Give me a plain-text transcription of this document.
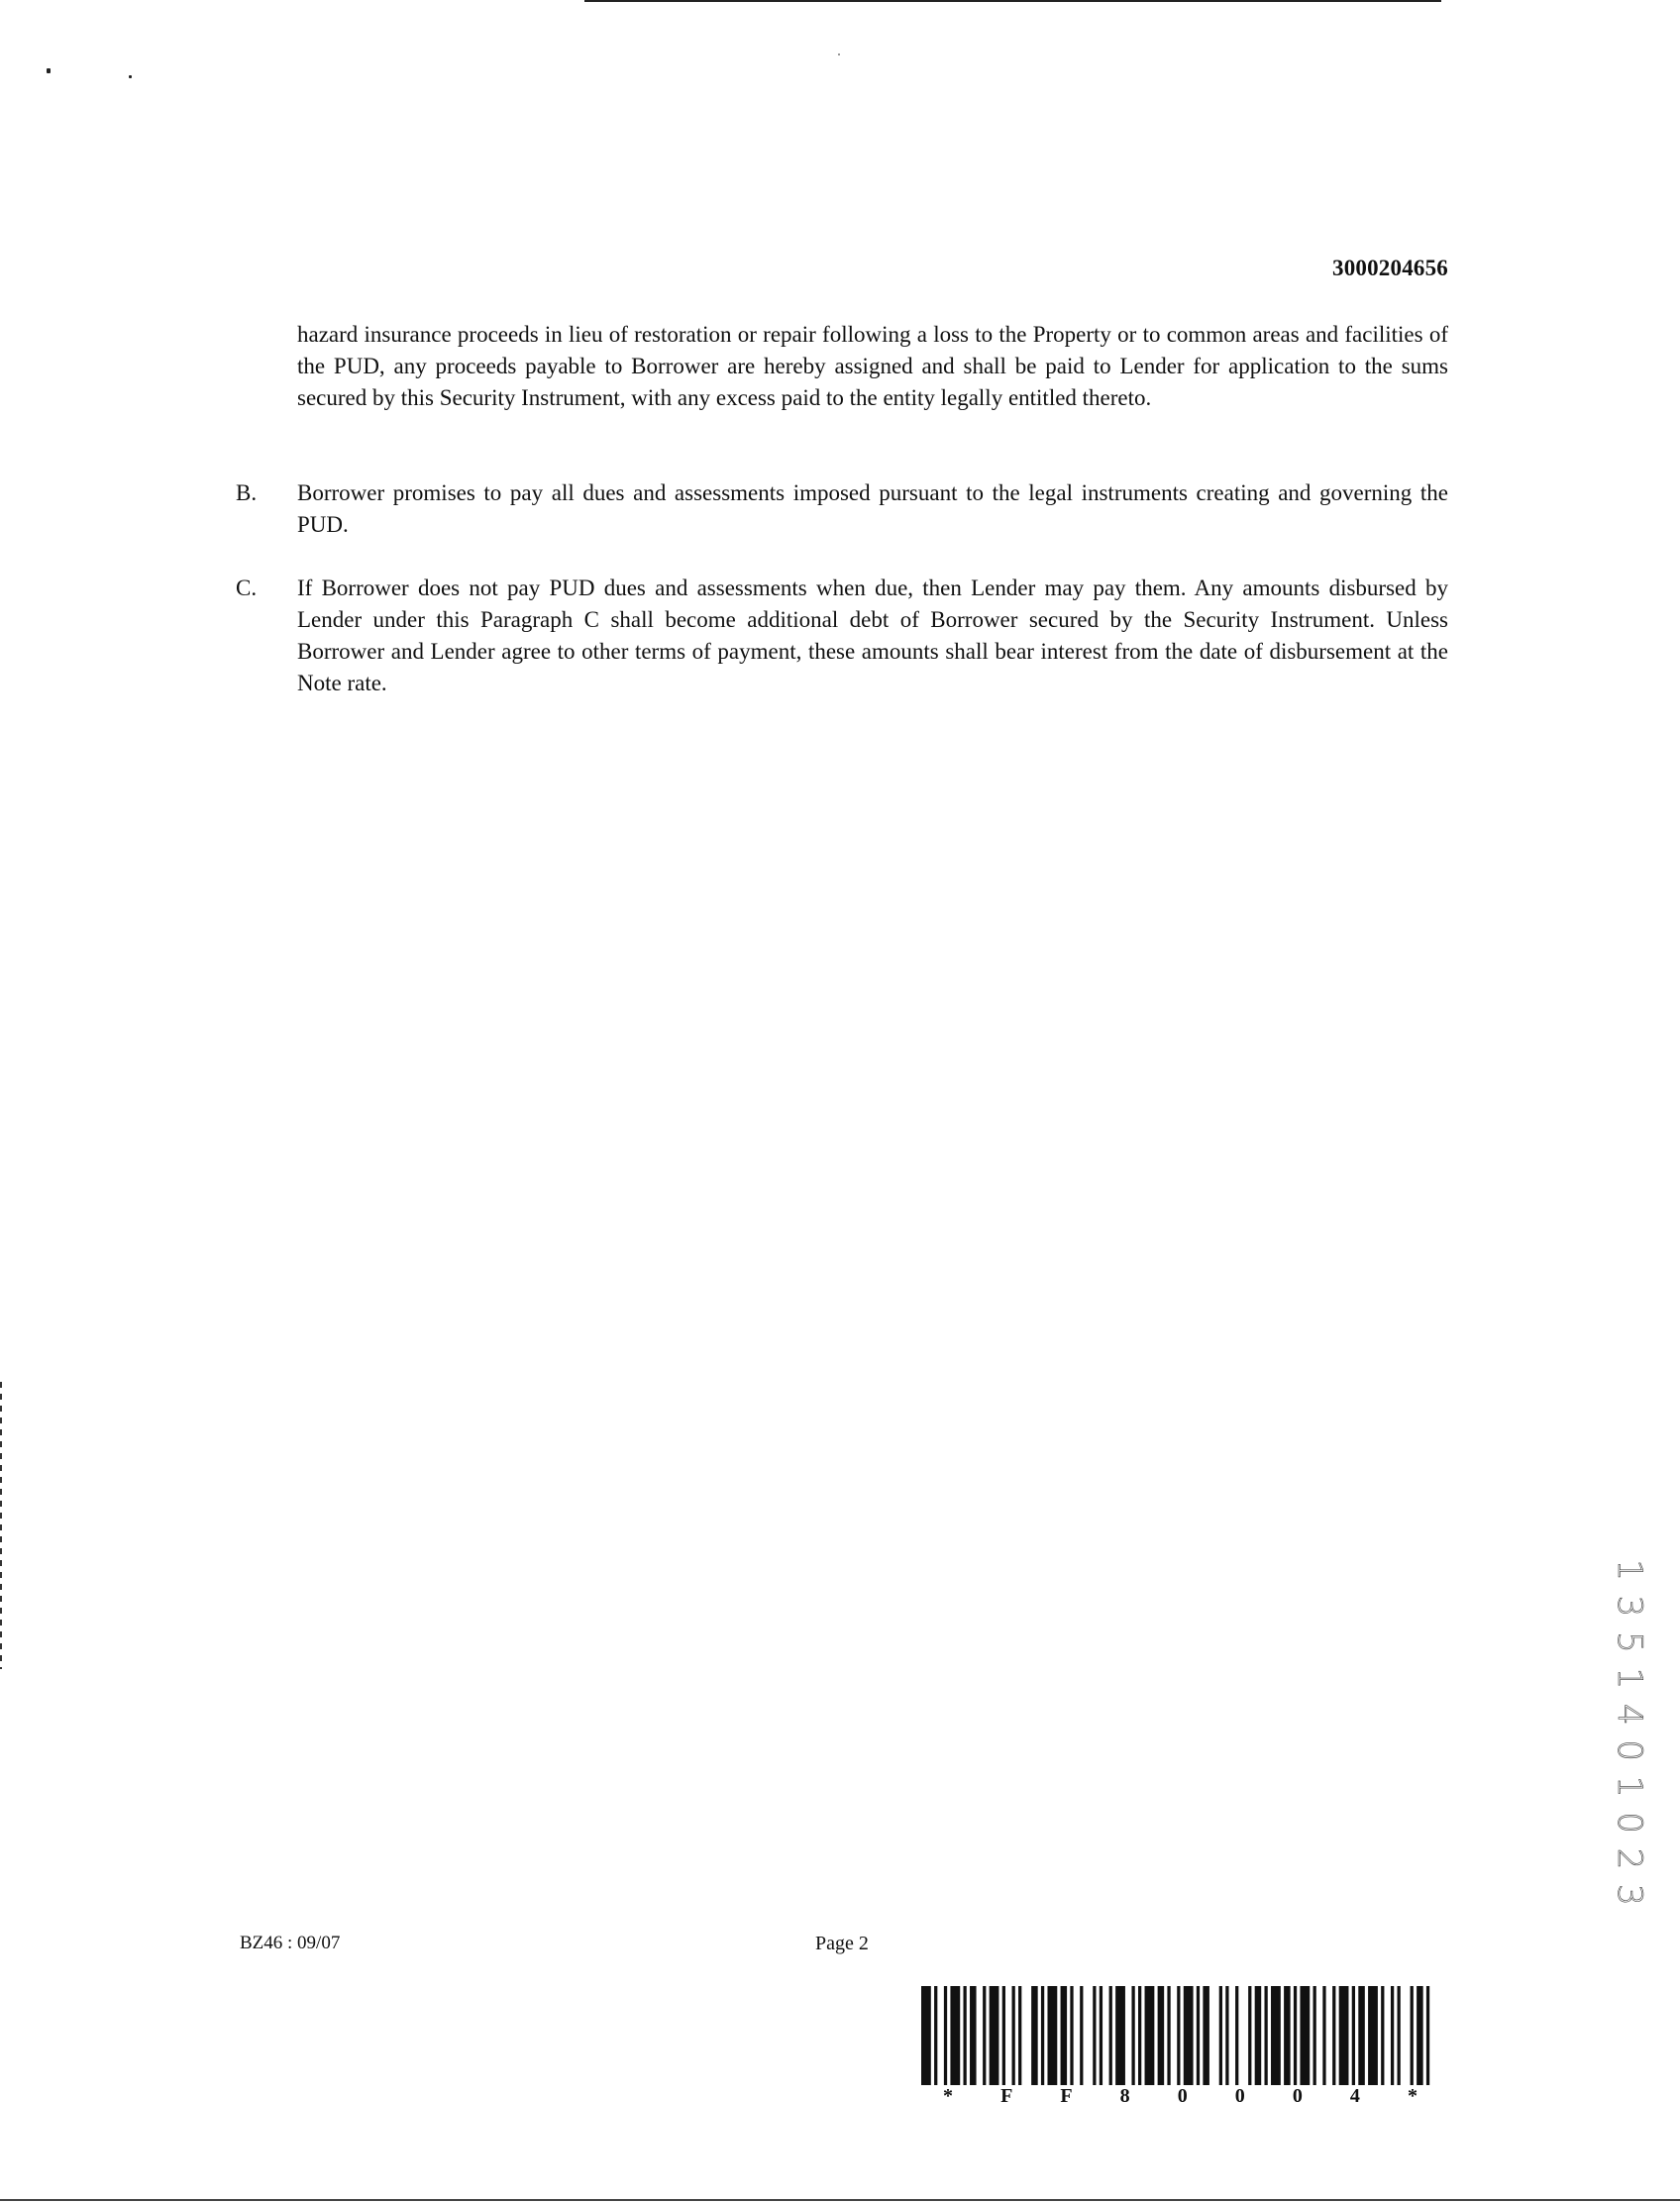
3000204656

hazard insurance proceeds in lieu of restoration or repair following a loss to the Property or to common areas and facilities of the PUD, any proceeds payable to Borrower are hereby assigned and shall be paid to Lender for application to the sums secured by this Security Instrument, with any excess paid to the entity legally entitled thereto.

B. Borrower promises to pay all dues and assessments imposed pursuant to the legal instruments creating and governing the PUD.

C. If Borrower does not pay PUD dues and assessments when due, then Lender may pay them. Any amounts disbursed by Lender under this Paragraph C shall become additional debt of Borrower secured by the Security Instrument. Unless Borrower and Lender agree to other terms of payment, these amounts shall bear interest from the date of disbursement at the Note rate.

BZ46 : 09/07	Page 2
1 3 5 1 4 0 1 0 2 3
* F F 8 0 0 0 4 *
